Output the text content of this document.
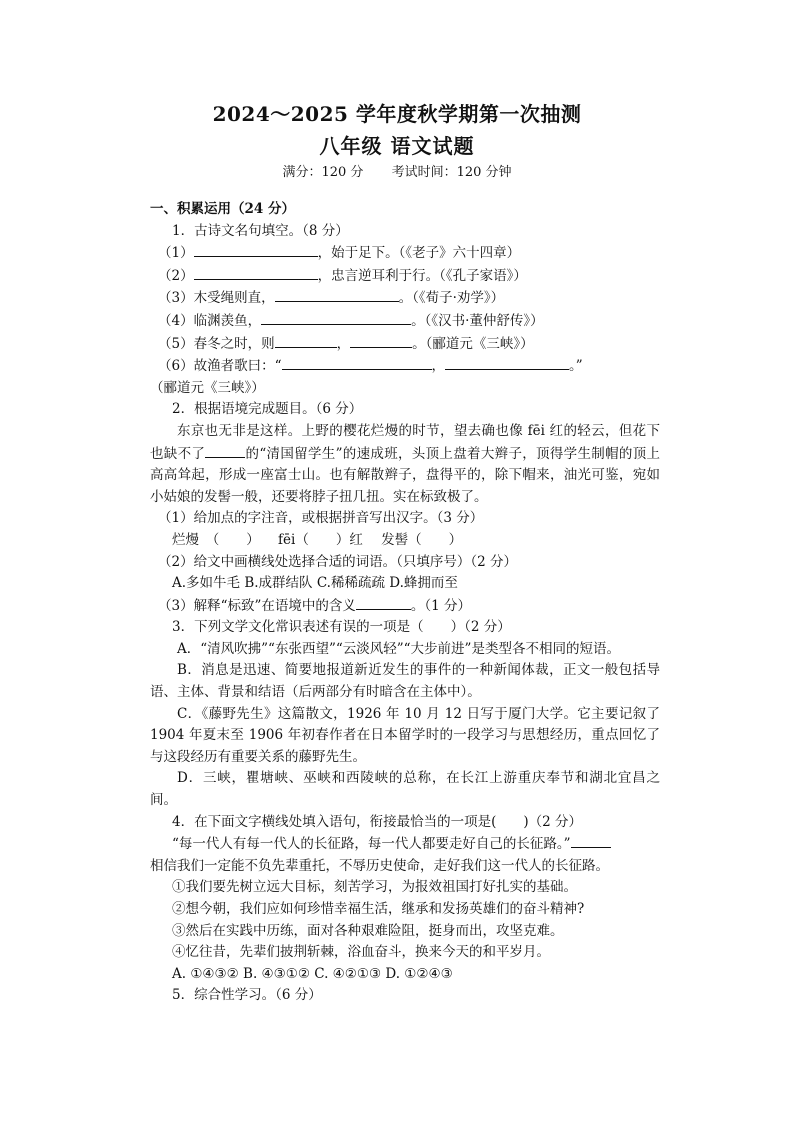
2024～2025 学年度秋学期第一次抽测
八年级 语文试题
满分：120 分 考试时间：120 分钟
一、积累运用（24 分）
1．古诗文名句填空。（8 分）
（1）	，始于足下。（《老子》六十四章）
（2）	，忠言逆耳利于行。（《孔子家语》）
（3）木受绳则直，	。（《荀子·劝学》）
（4）临渊羡鱼，	。（《汉书·董仲舒传》）
（5）春冬之时，则	，	。（郦道元《三峡》）
（6）故渔者歌曰：“	，	。”
（郦道元《三峡》）
2．根据语境完成题目。（6 分）
东京也无非是这样。上野的樱花烂熳的时节，望去确也像 fēi 红的轻云，但花下也缺不了	的“清国留学生”的速成班，头顶上盘着大辫子，顶得学生制帽的顶上高高耸起，形成一座富士山。也有解散辫子，盘得平的，除下帽来，油光可鉴，宛如小姑娘的发髻一般，还要将脖子扭几扭。实在标致极了。
（1）给加点的字注音，或根据拼音写出汉字。（3 分）
烂熳　（　　） fēi（　　）红 发髻（　　）
（2）给文中画横线处选择合适的词语。（只填序号）（2 分）
A.多如牛毛 B.成群结队 C.稀稀疏疏 D.蜂拥而至
（3）解释“标致”在语境中的含义	。（1 分）
3．下列文学文化常识表述有误的一项是（　　）（2 分）
A．“清风吹拂”“东张西望”“云淡风轻”“大步前进”是类型各不相同的短语。
B．消息是迅速、简要地报道新近发生的事件的一种新闻体裁，正文一般包括导语、主体、背景和结语（后两部分有时暗含在主体中）。
C．《藤野先生》这篇散文，1926 年 10 月 12 日写于厦门大学。它主要记叙了 1904 年夏末至 1906 年初春作者在日本留学时的一段学习与思想经历，重点回忆了与这段经历有重要关系的藤野先生。
D．三峡，瞿塘峡、巫峡和西陵峡的总称，在长江上游重庆奉节和湖北宜昌之间。
4．在下面文字横线处填入语句，衔接最恰当的一项是(　　)（2 分）
“每一代人有每一代人的长征路，每一代人都要走好自己的长征路。”
相信我们一定能不负先辈重托，不辱历史使命，走好我们这一代人的长征路。
①我们要先树立远大目标，刻苦学习，为报效祖国打好扎实的基础。
②想今朝，我们应如何珍惜幸福生活，继承和发扬英雄们的奋斗精神?
③然后在实践中历练，面对各种艰难险阻，挺身而出，攻坚克难。
④忆往昔，先辈们披荆斩棘，浴血奋斗，换来今天的和平岁月。
A. ①④③② B. ④③①② C. ④②①③ D. ①②④③
5．综合性学习。（6 分）
